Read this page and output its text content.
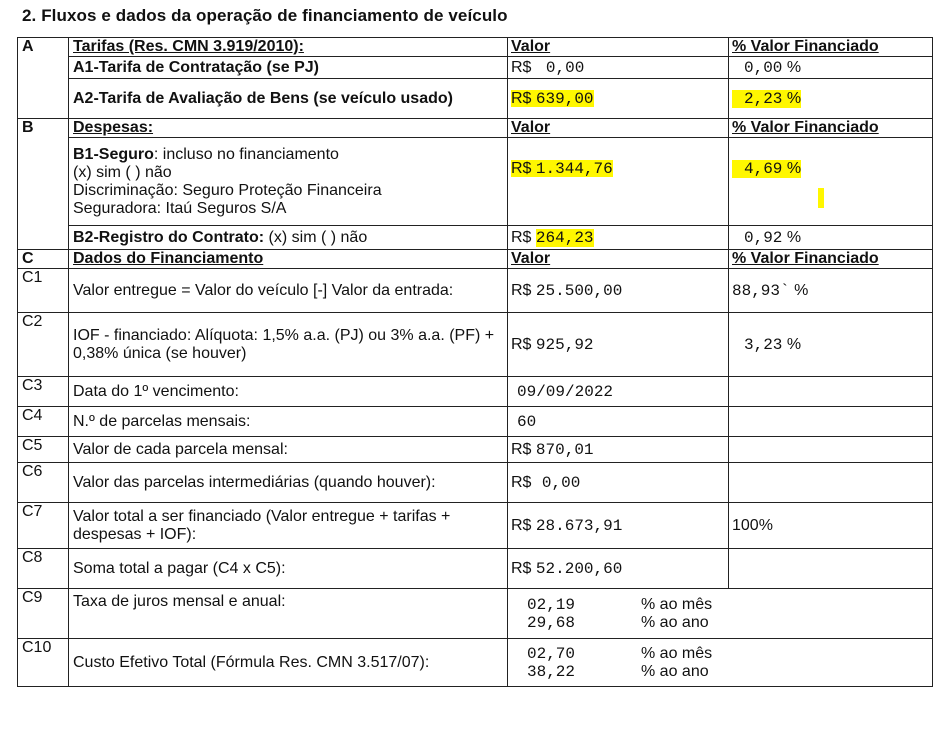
2. Fluxos e dados da operação de financiamento de veículo
A	Tarifas (Res. CMN 3.919/2010):	Valor	% Valor Financiado
	A1-Tarifa de Contratação (se PJ)	R$ 0,00	0,00 %
	A2-Tarifa de Avaliação de Bens (se veículo usado)	R$ 639,00	2,23 %
B	Despesas:	Valor	% Valor Financiado

	B1-Seguro: incluso no financiamento
(x) sim ( ) não
Discriminação: Seguro Proteção Financeira
Seguradora: Itaú Seguros S/A	R$ 1.344,76	4,69 %

	B2-Registro do Contrato: (x) sim ( ) não	R$ 264,23	0,92 %
C	Dados do Financiamento	Valor	% Valor Financiado
C1	Valor entregue = Valor do veículo [-] Valor da entrada:	R$ 25.500,00	88,93` %
C2	IOF - financiado: Alíquota: 1,5% a.a. (PJ) ou 3% a.a. (PF) + 0,38% única (se houver)	R$ 925,92	3,23 %
C3	Data do 1º vencimento:	09/09/2022	
C4	N.º de parcelas mensais:	60	
C5	Valor de cada parcela mensal:	R$ 870,01	
C6	Valor das parcelas intermediárias (quando houver):	R$ 0,00	
C7	Valor total a ser financiado (Valor entregue + tarifas + despesas + IOF):	R$ 28.673,91	100%
C8	Soma total a pagar (C4 x C5):	R$ 52.200,60	
C9	Taxa de juros mensal e anual:	02,19 % ao mês
29,68 % ao ano	

C10	Custo Efetivo Total (Fórmula Res. CMN 3.517/07):	02,70 % ao mês
38,22 % ao ano	
